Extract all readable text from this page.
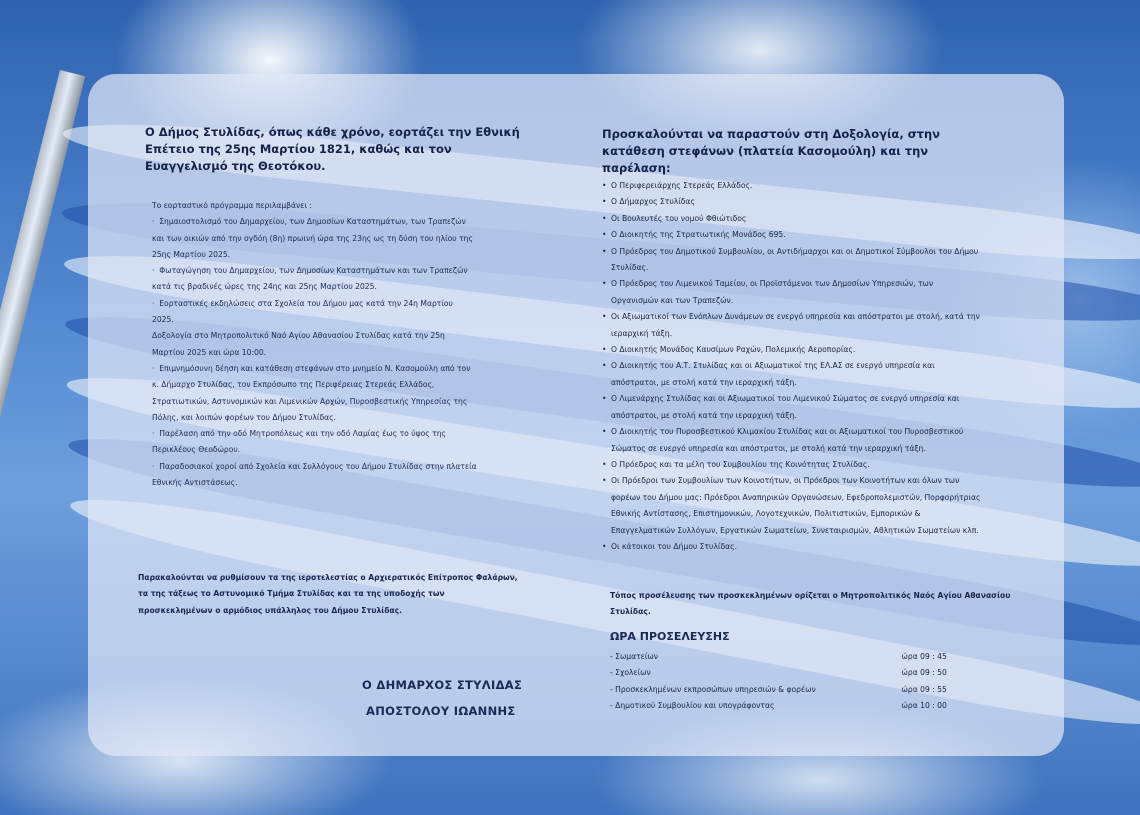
Ο Δήμος Στυλίδας, όπως κάθε χρόνο, εορτάζει την Εθνική Επέτειο της 25ης Μαρτίου 1821, καθώς και τον Ευαγγελισμό της Θεοτόκου.

Το εορταστικό πρόγραμμα περιλαμβάνει :

·  Σημαιοστολισμό του Δημαρχείου, των Δημοσίων Καταστημάτων, των Τραπεζών και των οικιών από την ογδόη (8η) πρωινή ώρα της 23ης ως τη δύση του ηλίου της 25ης Μαρτίου 2025.

·  Φωταγώγηση του Δημαρχείου, των Δημοσίων Καταστημάτων και των Τραπεζών κατά τις βραδινές ώρες της 24ης και 25ης Μαρτίου 2025.

·  Εορταστικές εκδηλώσεις στα Σχολεία του Δήμου μας κατά την 24η Μαρτίου 2025.

Δοξολογία στο Μητροπολιτικό Ναό Αγίου Αθανασίου Στυλίδας κατά την 25η Μαρτίου 2025 και ώρα 10:00.

·  Επιμνημόσυνη δέηση και κατάθεση στεφάνων στο μνημείο Ν. Κασομούλη από τον κ. Δήμαρχο Στυλίδας, τον Εκπρόσωπο της Περιφέρειας Στερεάς Ελλάδος, Στρατιωτικών, Αστυνομικών και Λιμενικών Αρχών, Πυροσβεστικής Υπηρεσίας της Πόλης, και λοιπών φορέων του Δήμου Στυλίδας.

·  Παρέλαση από την οδό Μητροπόλεως και την οδό Λαμίας έως το ύψος της Περικλέους Θεοδώρου.

·  Παραδοσιακοί χοροί από Σχολεία και Συλλόγους του Δήμου Στυλίδας στην πλατεία Εθνικής Αντιστάσεως.

Παρακαλούνται να ρυθμίσουν τα της ιεροτελεστίας ο Αρχιερατικός Επίτροπος Φαλάρων, τα της τάξεως το Αστυνομικό Τμήμα Στυλίδας και τα της υποδοχής των προσκεκλημένων ο αρμόδιος υπάλληλος του Δήμου Στυλίδας.
Ο ΔΗΜΑΡΧΟΣ ΣΤΥΛΙΔΑΣ
ΑΠΟΣΤΟΛΟΥ ΙΩΑΝΝΗΣ
Προσκαλούνται να παραστούν στη Δοξολογία, στην κατάθεση στεφάνων (πλατεία Κασομούλη) και την παρέλαση:
• Ο Περιφερειάρχης Στερεάς Ελλάδος.
• Ο Δήμαρχος Στυλίδας
• Οι Βουλευτές του νομού Φθιώτιδος
• Ο Διοικητής της Στρατιωτικής Μονάδος 695.
• Ο Πρόεδρος του Δημοτικού Συμβουλίου, οι Αντιδήμαρχοι και οι Δημοτικοί Σύμβουλοι του Δήμου Στυλίδας.
• Ο Πρόεδρος του Λιμενικού Ταμείου, οι Προϊστάμενοι των Δημοσίων Υπηρεσιών, των Οργανισμών και των Τραπεζών.
• Οι Αξιωματικοί των Ενόπλων Δυνάμεων σε ενεργό υπηρεσία και απόστρατοι με στολή, κατά την ιεραρχική τάξη.
• Ο Διοικητής Μονάδος Καυσίμων Ραχών, Πολεμικής Αεροπορίας.
• Ο Διοικητής του Α.Τ. Στυλίδας και οι Αξιωματικοί της ΕΛ.ΑΣ σε ενεργό υπηρεσία και απόστρατοι, με στολή κατά την ιεραρχική τάξη.
• Ο Λιμενάρχης Στυλίδας και οι Αξιωματικοί του Λιμενικού Σώματος σε ενεργό υπηρεσία και απόστρατοι, με στολή κατά την ιεραρχική τάξη.
• Ο Διοικητής του Πυροσβεστικού Κλιμακίου Στυλίδας και οι Αξιωματικοί του Πυροσβεστικού Σώματος σε ενεργό υπηρεσία και απόστρατοι, με στολή κατά την ιεραρχική τάξη.
• Ο Πρόεδρος και τα μέλη του Συμβουλίου της Κοινότητας Στυλίδας.
• Οι Πρόεδροι των Συμβουλίων των Κοινοτήτων, οι Πρόεδροι των Κοινοτήτων και όλων των φορέων του Δήμου μας: Πρόεδροι Αναπηρικών Οργανώσεων, Εφεδροπολεμιστών, Πορφορήτριας Εθνικής Αντίστασης, Επιστημονικών, Λογοτεχνικών, Πολιτιστικών, Εμπορικών & Επαγγελματικών Συλλόγων, Εργατικών Σωματείων, Συνεταιρισμών, Αθλητικών Σωματείων κλπ.
• Οι κάτοικοι του Δήμου Στυλίδας.
Τόπος προσέλευσης των προσκεκλημένων ορίζεται ο Μητροπολιτικός Ναός Αγίου Αθανασίου Στυλίδας.
ΩΡΑ ΠΡΟΣΕΛΕΥΣΗΣ
- Σωματείων	ώρα 09 : 45
- Σχολείων	ώρα 09 : 50
- Προσκεκλημένων εκπροσώπων υπηρεσιών & φορέων	ώρα 09 : 55
- Δημοτικού Συμβουλίου και υπογράφοντας	ώρα 10 : 00
